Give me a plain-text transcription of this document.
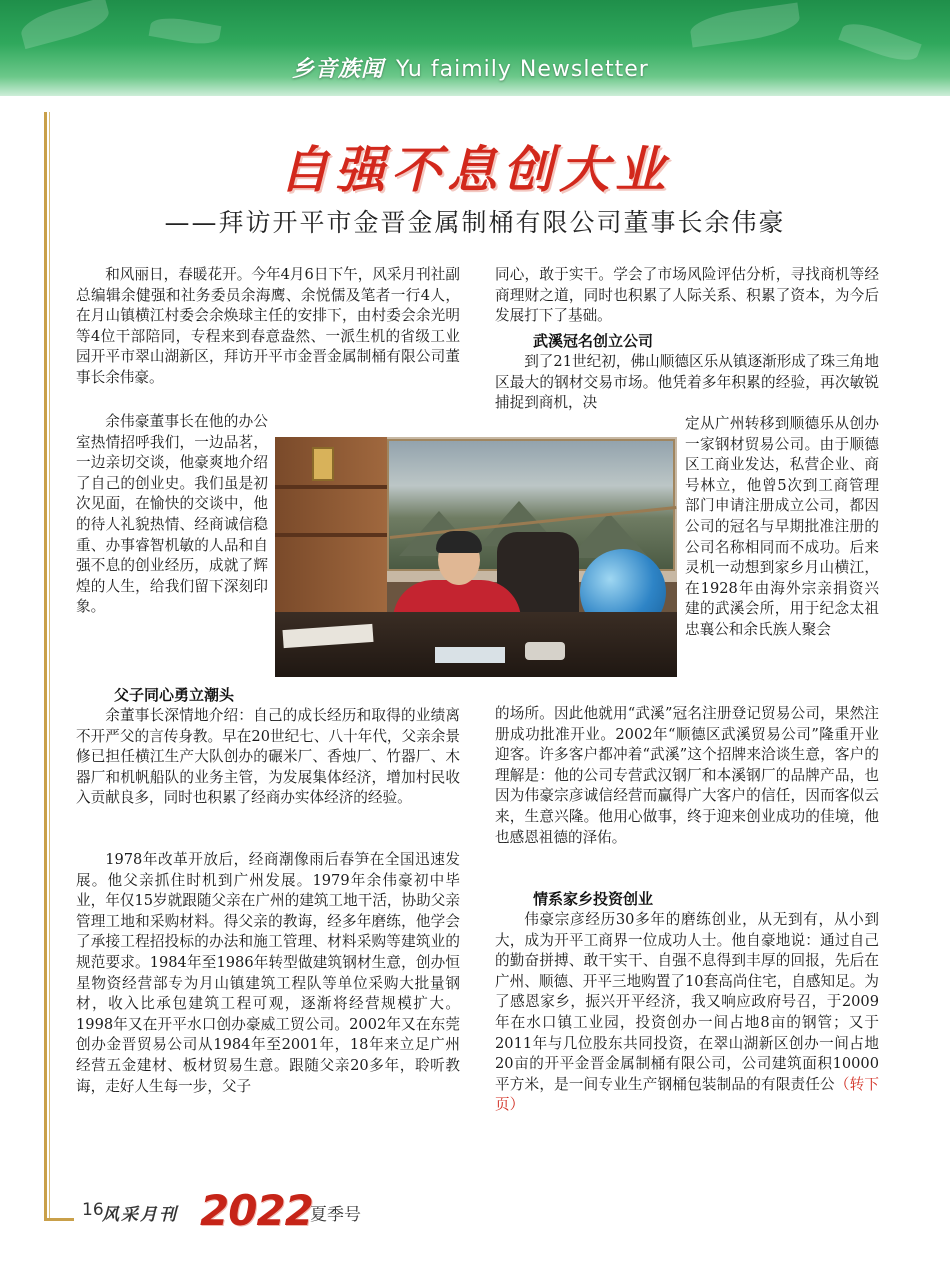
乡音族闻 Yu faimily Newsletter
自强不息创大业
——拜访开平市金晋金属制桶有限公司董事长余伟豪
和风丽日，春暖花开。今年4月6日下午，风采月刊社副总编辑余健强和社务委员余海鹰、余悦儒及笔者一行4人，在月山镇横江村委会余焕球主任的安排下，由村委会余光明等4位干部陪同，专程来到春意盎然、一派生机的省级工业园开平市翠山湖新区，拜访开平市金晋金属制桶有限公司董事长余伟豪。
余伟豪董事长在他的办公室热情招呼我们，一边品茗，一边亲切交谈，他豪爽地介绍了自己的创业史。我们虽是初次见面，在愉快的交谈中，他的待人礼貌热情、经商诚信稳重、办事睿智机敏的人品和自强不息的创业经历，成就了辉煌的人生，给我们留下深刻印象。
父子同心勇立潮头
余董事长深情地介绍：自己的成长经历和取得的业绩离不开严父的言传身教。早在20世纪七、八十年代，父亲余景修已担任横江生产大队创办的碾米厂、香烛厂、竹器厂、木器厂和机帆船队的业务主管，为发展集体经济，增加村民收入贡献良多，同时也积累了经商办实体经济的经验。
1978年改革开放后，经商潮像雨后春笋在全国迅速发展。他父亲抓住时机到广州发展。1979年余伟豪初中毕业，年仅15岁就跟随父亲在广州的建筑工地干活，协助父亲管理工地和采购材料。得父亲的教诲，经多年磨练，他学会了承接工程招投标的办法和施工管理、材料采购等建筑业的规范要求。1984年至1986年转型做建筑钢材生意，创办恒星物资经营部专为月山镇建筑工程队等单位采购大批量钢材，收入比承包建筑工程可观，逐渐将经营规模扩大。1998年又在开平水口创办豪威工贸公司。2002年又在东莞创办金晋贸易公司从1984年至2001年，18年来立足广州经营五金建材、板材贸易生意。跟随父亲20多年，聆听教诲，走好人生每一步，父子
同心，敢于实干。学会了市场风险评估分析，寻找商机等经商理财之道，同时也积累了人际关系、积累了资本，为今后发展打下了基础。
武溪冠名创立公司
到了21世纪初，佛山顺德区乐从镇逐渐形成了珠三角地区最大的钢材交易市场。他凭着多年积累的经验，再次敏锐捕捉到商机，决
定从广州转移到顺德乐从创办一家钢材贸易公司。由于顺德区工商业发达，私营企业、商号林立，他曾5次到工商管理部门申请注册成立公司，都因公司的冠名与早期批准注册的公司名称相同而不成功。后来灵机一动想到家乡月山横江，在1928年由海外宗亲捐资兴建的武溪会所，用于纪念太祖忠襄公和余氏族人聚会
的场所。因此他就用“武溪”冠名注册登记贸易公司，果然注册成功批准开业。2002年“顺德区武溪贸易公司”隆重开业迎客。许多客户都冲着“武溪”这个招牌来洽谈生意，客户的理解是：他的公司专营武汉钢厂和本溪钢厂的品牌产品，也因为伟豪宗彦诚信经营而赢得广大客户的信任，因而客似云来，生意兴隆。他用心做事，终于迎来创业成功的佳境，他也感恩祖德的泽佑。
情系家乡投资创业
伟豪宗彦经历30多年的磨练创业，从无到有，从小到大，成为开平工商界一位成功人士。他自豪地说：通过自己的勤奋拼搏、敢干实干、自强不息得到丰厚的回报，先后在广州、顺德、开平三地购置了10套高尚住宅，自感知足。为了感恩家乡，振兴开平经济，我又响应政府号召，于2009年在水口镇工业园，投资创办一间占地8亩的钢管；又于2011年与几位股东共同投资，在翠山湖新区创办一间占地20亩的开平金晋金属制桶有限公司，公司建筑面积10000平方米，是一间专业生产钢桶包装制品的有限责任公（转下页）
16
风采月刊 2022
夏季号
